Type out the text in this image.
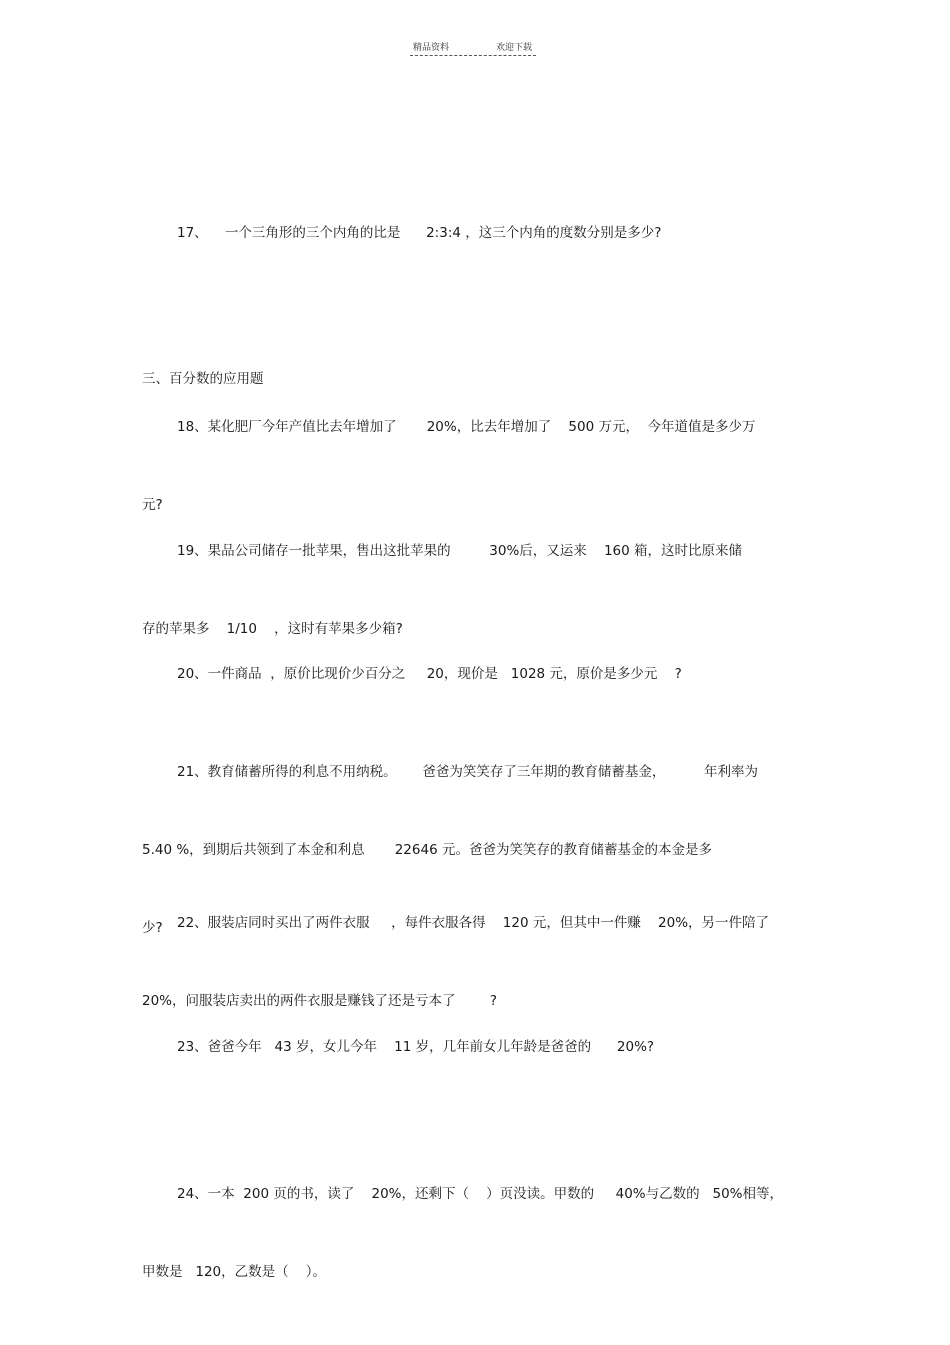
精品资料	欢迎下载

17、    一个三角形的三个内角的比是      2:3:4 ，这三个内角的度数分别是多少?

三、百分数的应用题

18、某化肥厂今年产值比去年增加了       20%，比去年增加了    500 万元，  今年道值是多少万

元?

19、果品公司储存一批苹果，售出这批苹果的         30%后，又运来    160 箱，这时比原来储

存的苹果多    1/10    ，这时有苹果多少箱?

20、一件商品  ，原价比现价少百分之     20，现价是   1028 元，原价是多少元    ?

21、教育储蓄所得的利息不用纳税。      爸爸为笑笑存了三年期的教育储蓄基金，         年利率为

5.40 %，到期后共领到了本金和利息       22646 元。爸爸为笑笑存的教育储蓄基金的本金是多

少?

	22、服装店同时买出了两件衣服     ，每件衣服各得    120 元，但其中一件赚    20%，另一件陪了

20%，问服装店卖出的两件衣服是赚钱了还是亏本了        ?

23、爸爸今年   43 岁，女儿今年    11 岁，几年前女儿年龄是爸爸的      20%?

24、一本  200 页的书，读了    20%，还剩下（    ）页没读。甲数的     40%与乙数的   50%相等，

甲数是   120，乙数是（    ）。
